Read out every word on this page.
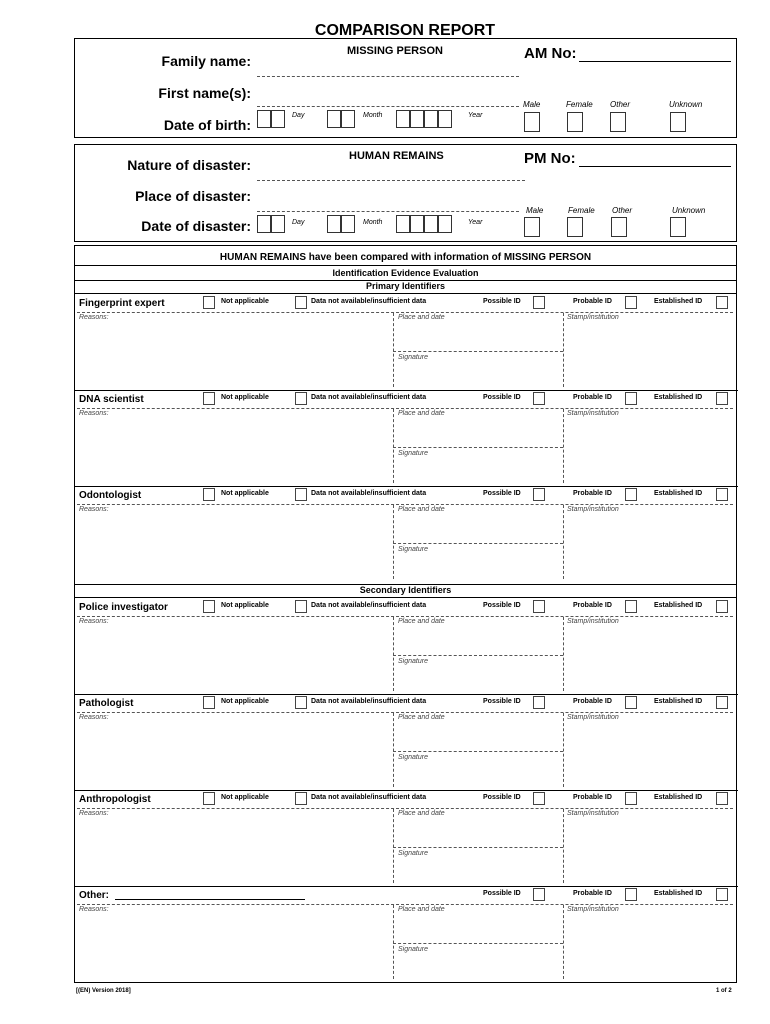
COMPARISON REPORT
MISSING PERSON	AM No:
Family name:
First name(s):
Date of birth:
Day	Month	Year
Male	Female Other	Unknown
HUMAN REMAINS	PM No:
Nature of disaster:
Place of disaster:
Date of disaster:	Day	Month	Year
Male	Female Other	Unknown
HUMAN REMAINS have been compared with information of MISSING PERSON
Identification Evidence Evaluation
Primary Identifiers
Secondary Identifiers
Fingerprint expert	Not applicable	Data not available/insufficient data	Possible ID	Probable ID	Established ID
Reasons:	Place and date	Stamp/institution
Signature
DNA scientist	Not applicable	Data not available/insufficient data	Possible ID	Probable ID	Established ID
Reasons:	Place and date	Stamp/institution
Signature
Odontologist	Not applicable	Data not available/insufficient data	Possible ID	Probable ID	Established ID
Reasons:	Place and date	Stamp/institution
Signature
Police investigator	Not applicable	Data not available/insufficient data	Possible ID	Probable ID	Established ID
Reasons:	Place and date	Stamp/institution
Signature
Pathologist	Not applicable	Data not available/insufficient data	Possible ID	Probable ID	Established ID
Reasons:	Place and date	Stamp/institution
Signature
Anthropologist	Not applicable	Data not available/insufficient data	Possible ID	Probable ID	Established ID
Reasons:	Place and date	Stamp/institution
Signature
Other:	Possible ID	Probable ID	Established ID
Reasons:	Place and date	Stamp/institution
Signature
[(EN) Version 2018]	1 of 2
